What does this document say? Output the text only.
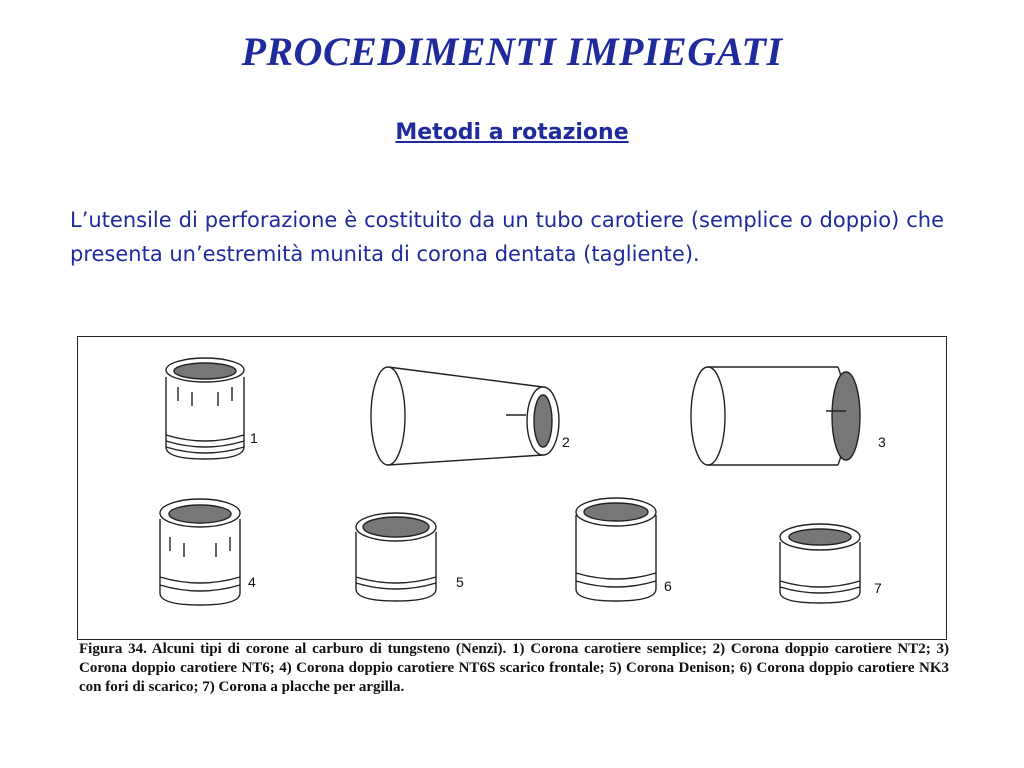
PROCEDIMENTI IMPIEGATI
Metodi a rotazione
L’utensile di perforazione è costituito da un tubo carotiere (semplice o doppio) che presenta un’estremità munita di corona dentata (tagliente).
1	2	3
4	5	6	7
Figura 34. Alcuni tipi di corone al carburo di tungsteno (Nenzi). 1) Corona carotiere semplice; 2) Corona doppio carotiere NT2; 3) Corona doppio carotiere NT6; 4) Corona doppio carotiere NT6S scarico frontale; 5) Corona Denison; 6) Corona doppio carotiere NK3 con fori di scarico; 7) Corona a placche per argilla.
